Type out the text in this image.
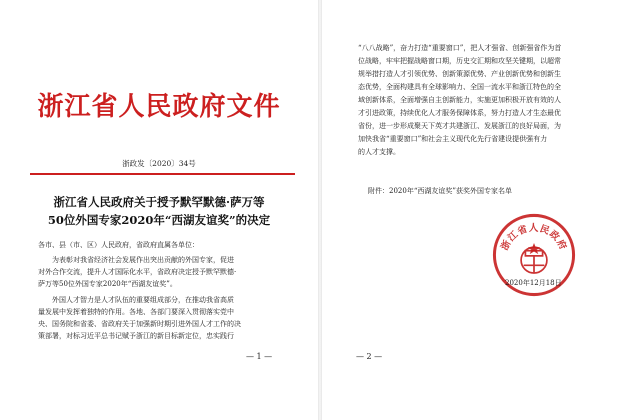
浙江省人民政府文件
浙政发〔2020〕34号
浙江省人民政府关于授予默罕默德·萨万等
50位外国专家2020年“西湖友谊奖”的决定
各市、县（市、区）人民政府，省政府直属各单位：
为表彰对我省经济社会发展作出突出贡献的外国专家，促进
对外合作交流，提升人才国际化水平，省政府决定授予默罕默德·
萨万等50位外国专家2020年“西湖友谊奖”。
外国人才智力是人才队伍的重要组成部分，在推动我省高质
量发展中发挥着独特的作用。各地、各部门要深入贯彻落实党中
央、国务院和省委、省政府关于加强新时期引进外国人才工作的决
策部署，对标习近平总书记赋予浙江的新目标新定位，忠实践行
— 1 —
“八八战略”，奋力打造“重要窗口”，把人才强省、创新强省作为首
位战略，牢牢把握战略窗口期，历史交汇期和攻坚关键期，以超常
规举措打造人才引领优势、创新策源优势、产业创新优势和创新生
态优势，全面构建具有全球影响力、全国一流水平和浙江特色的全
域创新体系，全面增强自主创新能力，实施更加积极开放有效的人
才引进政策，持续优化人才服务保障体系，努力打造人才生态最优
省份，进一步形成聚天下英才共建浙江、发展浙江的良好局面，为
加快我省“重要窗口”和社会主义现代化先行省建设提供强有力
的人才支撑。
附件：2020年“西湖友谊奖”获奖外国专家名单
浙江省人民政府
2020年12月18日
— 2 —
